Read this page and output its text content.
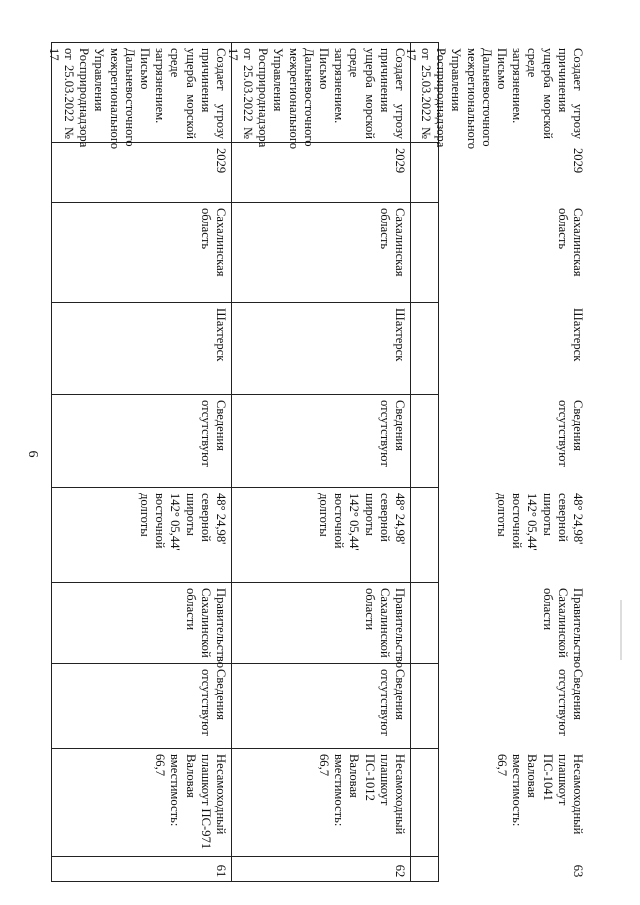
6
Создает угрозу причинения ущерба морской среде загрязнением. Письмо Дальневосточного межрегионального Управления Росприроднадзора от 25.03.2022 № 17
2029
Сахалинская
область
Шахтерск
Сведения
отсутствуют
48° 24,98'
северной
широты
142° 05,44'
восточной
долготы
Правительство
Сахалинской
области
Сведения
отсутствуют
Несамоходный
плашкоут ПС-971
Валовая вместимость:
66,7
61
Создает угрозу причинения ущерба морской среде загрязнением. Письмо Дальневосточного межрегионального Управления Росприроднадзора от 25.03.2022 № 17
2029
Сахалинская
область
Шахтерск
Сведения
отсутствуют
48° 24,98'
северной
широты
142° 05,44'
восточной
долготы
Правительство
Сахалинской
области
Сведения
отсутствуют
Несамоходный
плашкоут ПС-1012
Валовая вместимость:
66,7
62
Создает угрозу причинения ущерба морской среде загрязнением. Письмо Дальневосточного межрегионального Управления Росприроднадзора от 25.03.2022 № 17
2029
Сахалинская
область
Шахтерск
Сведения
отсутствуют
48° 24,98'
северной
широты
142° 05,44'
восточной
долготы
Правительство
Сахалинской
области
Сведения
отсутствуют
Несамоходный
плашкоут ПС-1041
Валовая вместимость:
66,7
63
